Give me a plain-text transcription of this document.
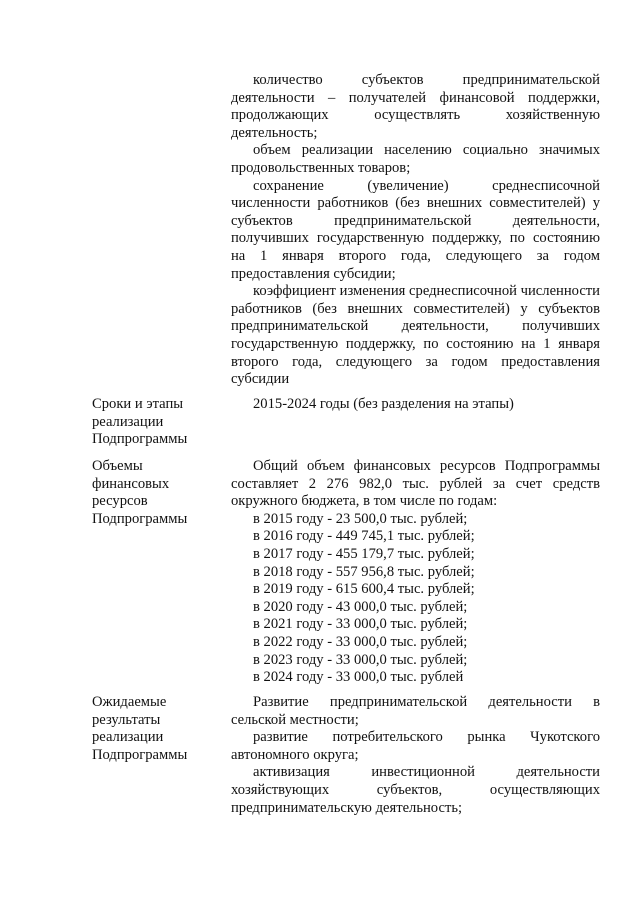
количество субъектов предпринимательской деятельности – получателей финансовой поддержки, продолжающих осуществлять хозяйственную деятельность;

объем реализации населению социально значимых продовольственных товаров;

сохранение (увеличение) среднесписочной численности работников (без внешних совместителей) у субъектов предпринимательской деятельности, получивших государственную поддержку, по состоянию на 1 января второго года, следующего за годом предоставления субсидии;

коэффициент изменения среднесписочной численности работников (без внешних совместителей) у субъектов предпринимательской деятельности, получивших государственную поддержку, по состоянию на 1 января второго года, следующего за годом предоставления субсидии

Сроки и этапы
реализации
Подпрограммы

2015-2024 годы (без разделения на этапы)

Объемы
финансовых
ресурсов
Подпрограммы

Общий объем финансовых ресурсов Подпрограммы составляет 2 276 982,0 тыс. рублей за счет средств окружного бюджета, в том числе по годам:

в 2015 году - 23 500,0 тыс. рублей;
в 2016 году - 449 745,1 тыс. рублей;
в 2017 году - 455 179,7 тыс. рублей;
в 2018 году - 557 956,8 тыс. рублей;
в 2019 году - 615 600,4 тыс. рублей;
в 2020 году - 43 000,0 тыс. рублей;
в 2021 году - 33 000,0 тыс. рублей;
в 2022 году - 33 000,0 тыс. рублей;
в 2023 году - 33 000,0 тыс. рублей;
в 2024 году - 33 000,0 тыс. рублей
Ожидаемые
результаты
реализации
Подпрограммы

Развитие предпринимательской деятельности в сельской местности;

развитие потребительского рынка Чукотского автономного округа;

активизация инвестиционной деятельности хозяйствующих субъектов, осуществляющих предпринимательскую деятельность;
